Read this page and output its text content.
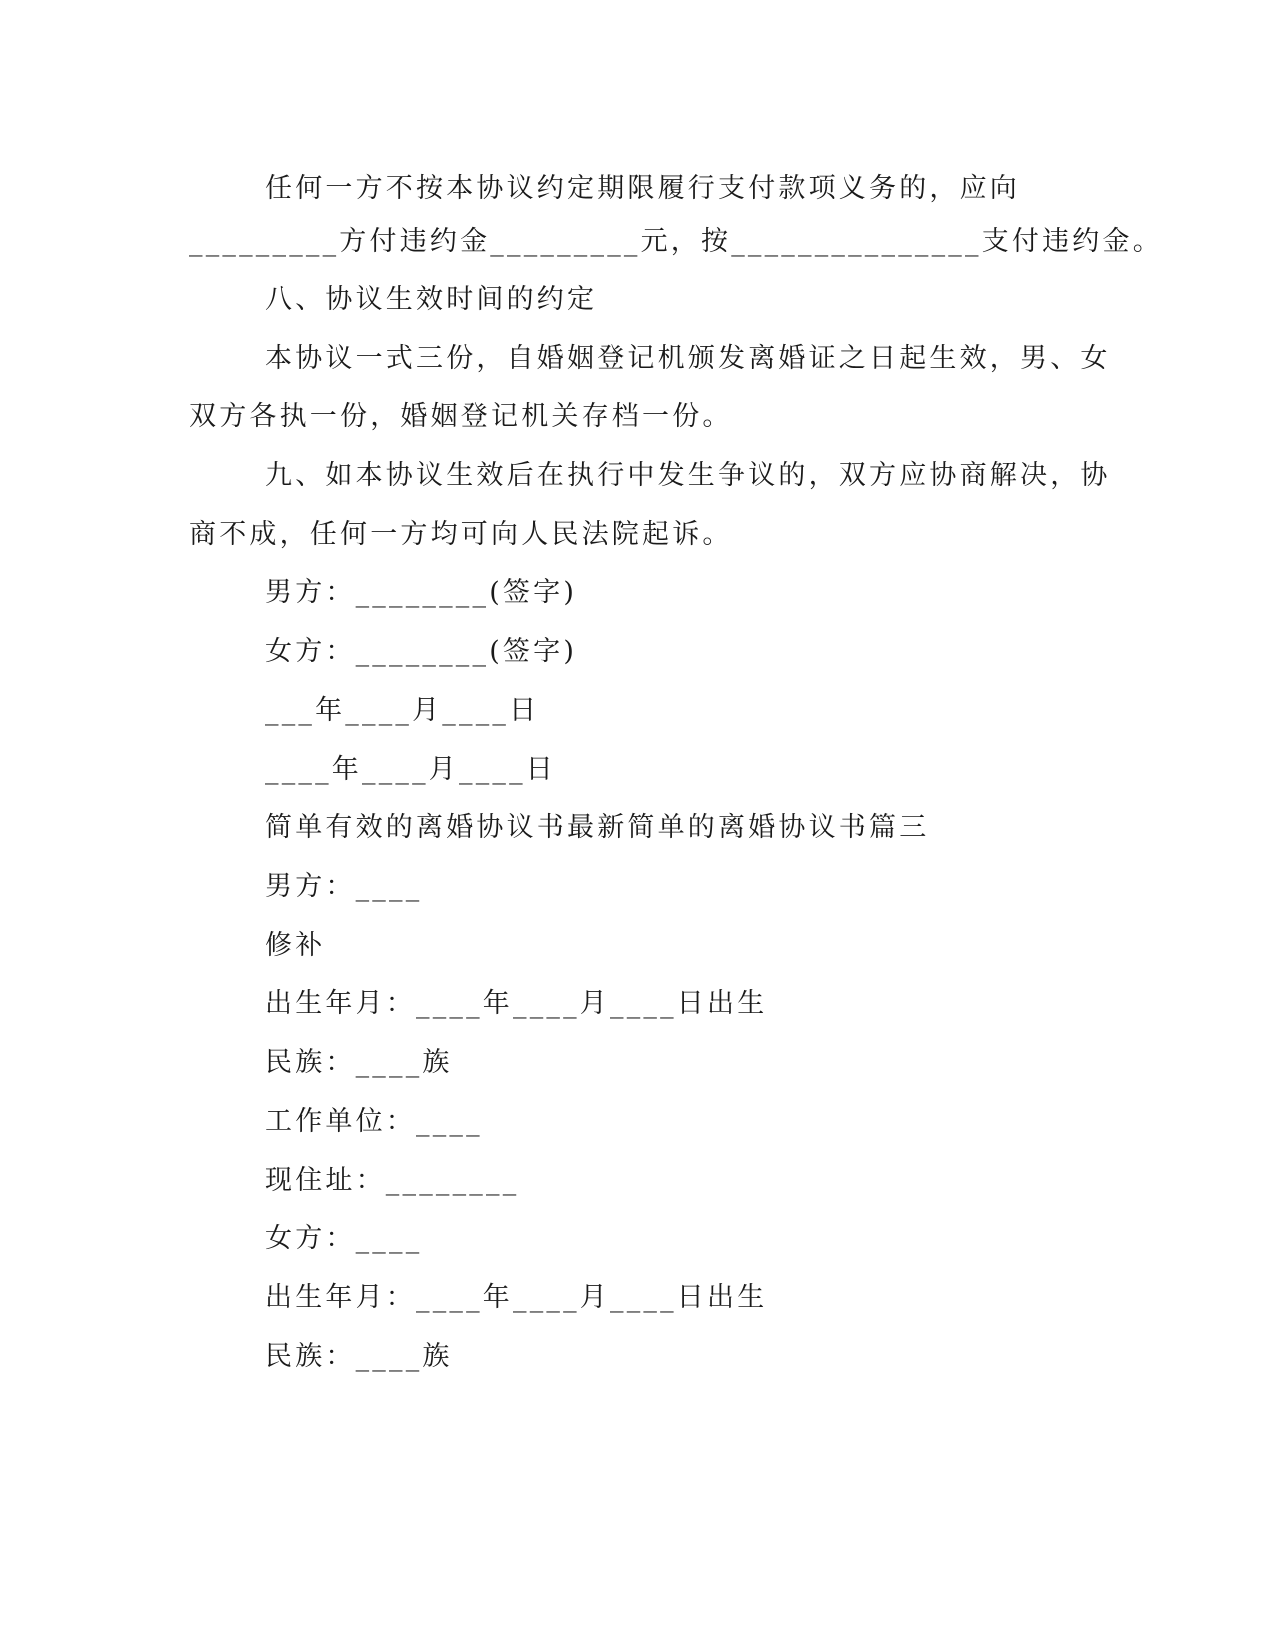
任何一方不按本协议约定期限履行支付款项义务的，应向
_________方付违约金_________元，按_______________支付违约金。
八、协议生效时间的约定
本协议一式三份，自婚姻登记机颁发离婚证之日起生效，男、女
双方各执一份，婚姻登记机关存档一份。
九、如本协议生效后在执行中发生争议的，双方应协商解决，协
商不成，任何一方均可向人民法院起诉。
男方：________(签字)
女方：________(签字)
___年____月____日
____年____月____日
简单有效的离婚协议书最新简单的离婚协议书篇三
男方：____
修补
出生年月：____年____月____日出生
民族：____族
工作单位：____
现住址：________
女方：____
出生年月：____年____月____日出生
民族：____族
